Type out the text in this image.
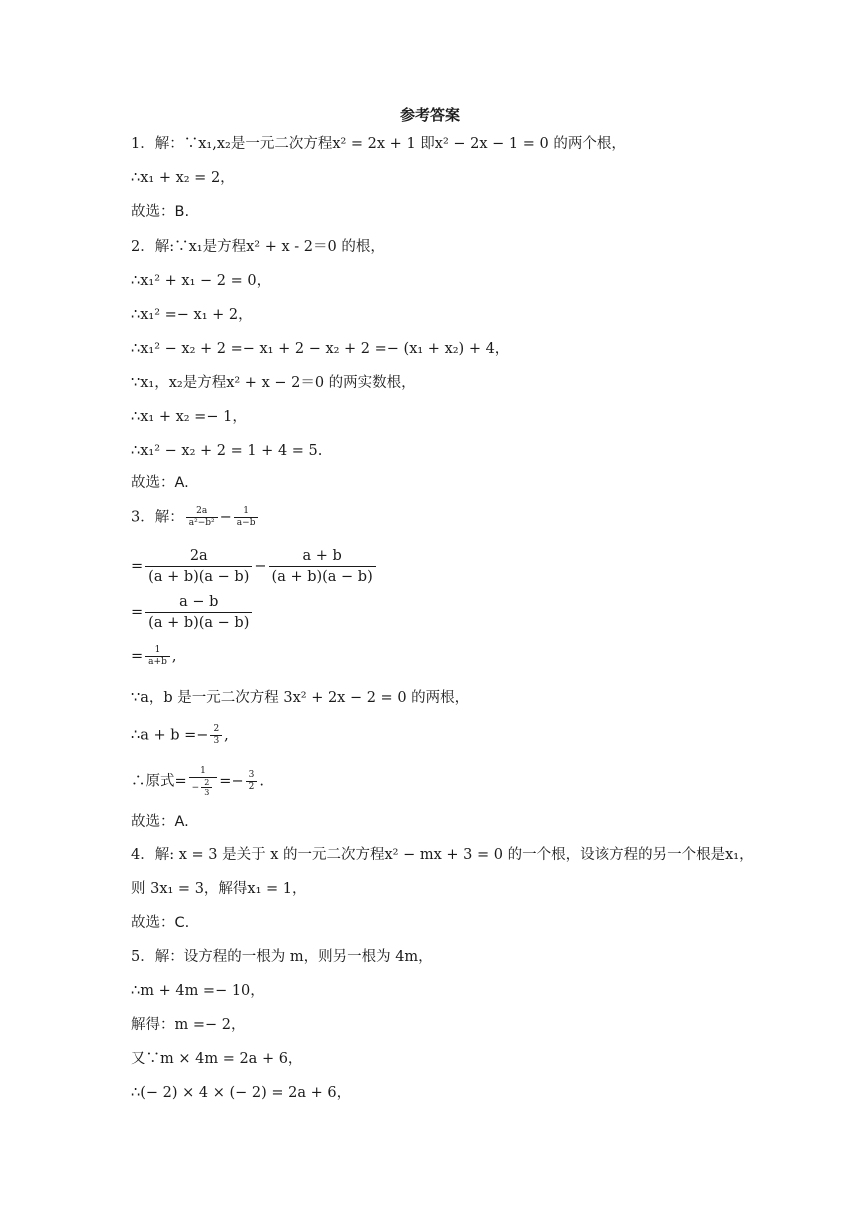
参考答案
1．解：∵x₁,x₂是一元二次方程x² = 2x + 1 即x² − 2x − 1 = 0 的两个根，
∴x₁ + x₂ = 2，
故选：B.
2．解:∵x₁是方程x² + x - 2＝0 的根，
∴x₁² + x₁ − 2 = 0，
∴x₁² =− x₁ + 2，
∴x₁² − x₂ + 2 =− x₁ + 2 − x₂ + 2 =− (x₁ + x₂) + 4，
∵x₁，x₂是方程x² + x − 2＝0 的两实数根，
∴x₁ + x₂ =− 1，
∴x₁² − x₂ + 2 = 1 + 4 = 5.
故选：A.
3．解： $\frac{2a}{\text{a²−b²}} - \frac{1}{a-b}$
= $\frac{2a}{(a + b)(a - b)} - \frac{a + b}{(a + b)(a - b)}$
= $\frac{a - b}{(a + b)(a - b)}$
= $\frac{1}{a+b}$ ,
∵a，b 是一元二次方程 3x² + 2x − 2 = 0 的两根，
∴a + $b =- \frac{2}{3}$ ,
∴原式= $\frac{1}{- \frac{2}{3}} =- \frac{3}{2}$ .
故选：A.
4．解: x = 3 是关于 x 的一元二次方程x² − mx + 3 = 0 的一个根，设该方程的另一个根是x₁，
则 3x₁ = 3，解得x₁ = 1，
故选：C.
5．解：设方程的一根为 m，则另一根为 4m，
∴m + 4m =− 10，
解得：m =− 2，
又∵m × 4m = 2a + 6，
∴(− 2) × 4 × (− 2) = 2a + 6，
